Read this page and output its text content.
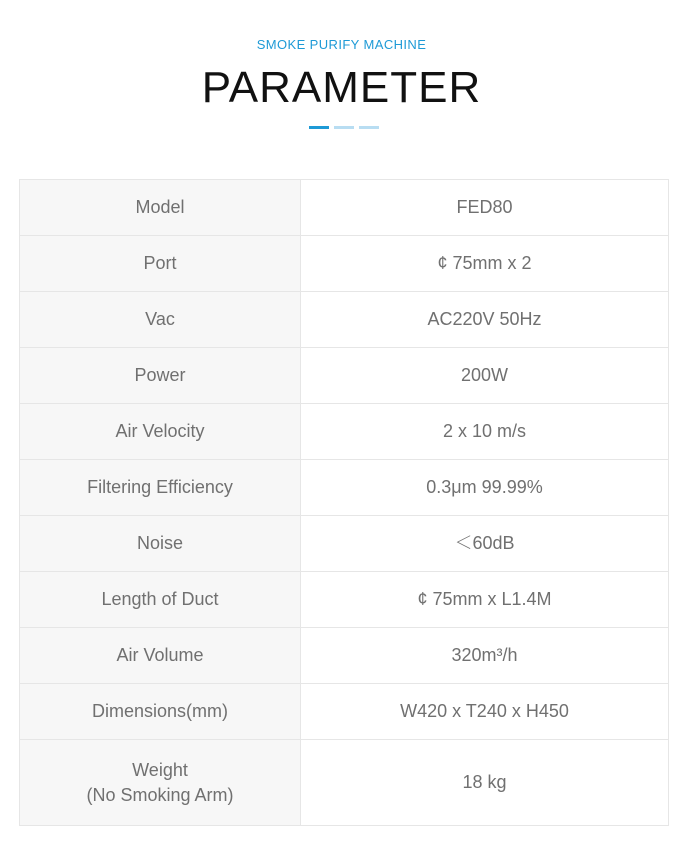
SMOKE PURIFY MACHINE
PARAMETER
Model	FED80
Port	¢ 75mm x 2
Vac	AC220V 50Hz
Power	200W
Air Velocity	2 x 10 m/s
Filtering Efficiency	0.3μm 99.99%
Noise	＜60dB
Length of Duct	¢ 75mm x L1.4M
Air Volume	320m³/h
Dimensions(mm)	W420 x T240 x H450

Weight
(No Smoking Arm)	18 kg
